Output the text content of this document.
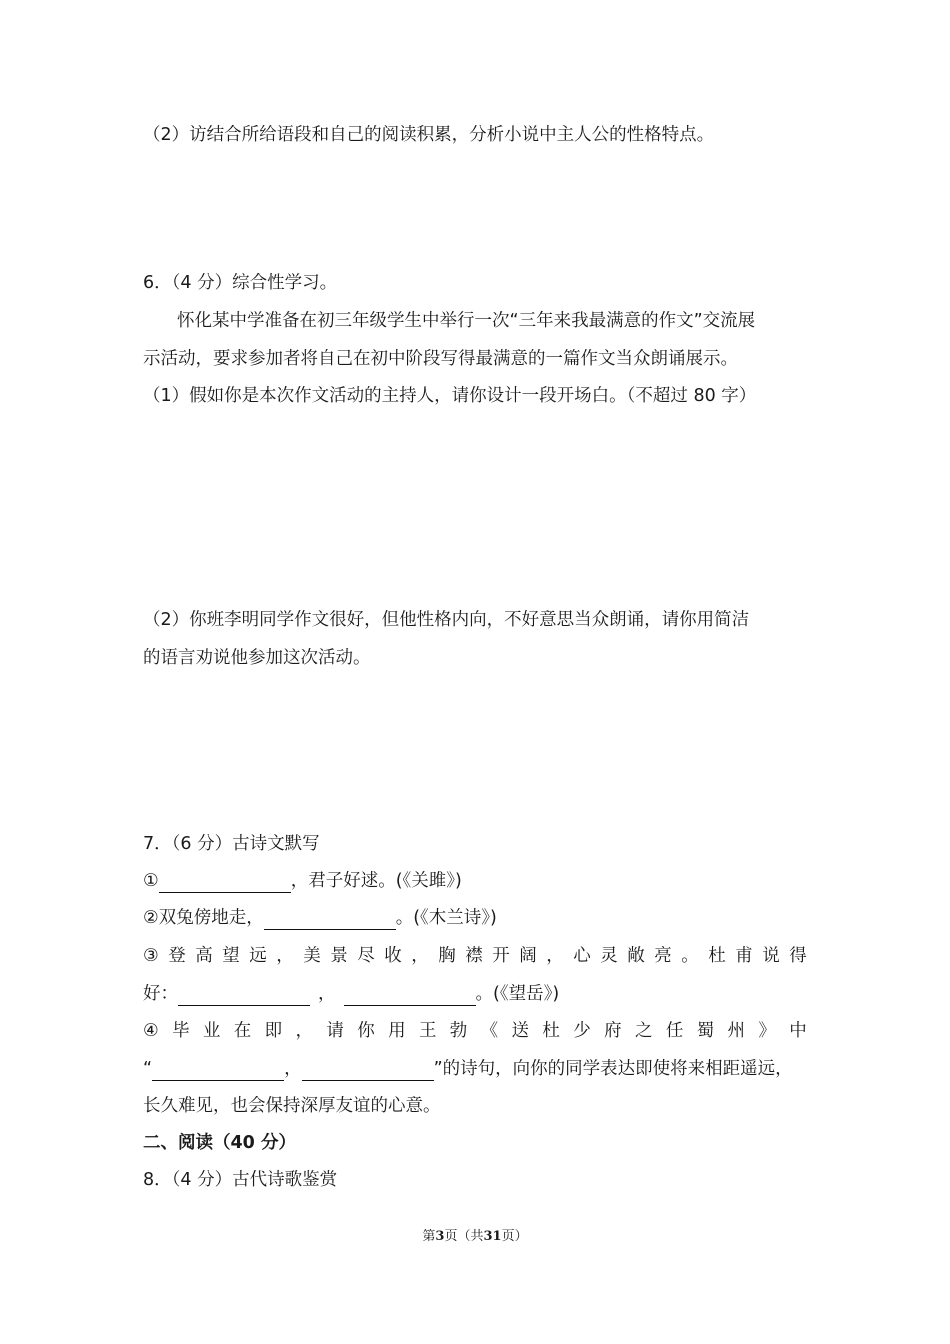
（2）访结合所给语段和自己的阅读积累，分析小说中主人公的性格特点。
6．（4 分）综合性学习。
怀化某中学准备在初三年级学生中举行一次“三年来我最满意的作文”交流展
示活动，要求参加者将自己在初中阶段写得最满意的一篇作文当众朗诵展示。
（1）假如你是本次作文活动的主持人，请你设计一段开场白。（不超过 80 字）
（2）你班李明同学作文很好，但他性格内向，不好意思当众朗诵，请你用简洁
的语言劝说他参加这次活动。
7．（6 分）古诗文默写
①	，君子好逑。(《关雎》)
②双兔傍地走，	。(《木兰诗》)
③ 登 高 望 远 ， 美 景 尽 收 ， 胸 襟 开 阔 ， 心 灵 敞 亮 。 杜 甫 说 得
好：	，	。(《望岳》)
④ 毕 业 在 即 ， 请 你 用 王 勃 《 送 杜 少 府 之 任 蜀 州 》 中
“	，	”的诗句，向你的同学表达即使将来相距遥远，
长久难见，也会保持深厚友谊的心意。
二、阅读（40 分）
8．（4 分）古代诗歌鉴赏
第3页（共31页）
